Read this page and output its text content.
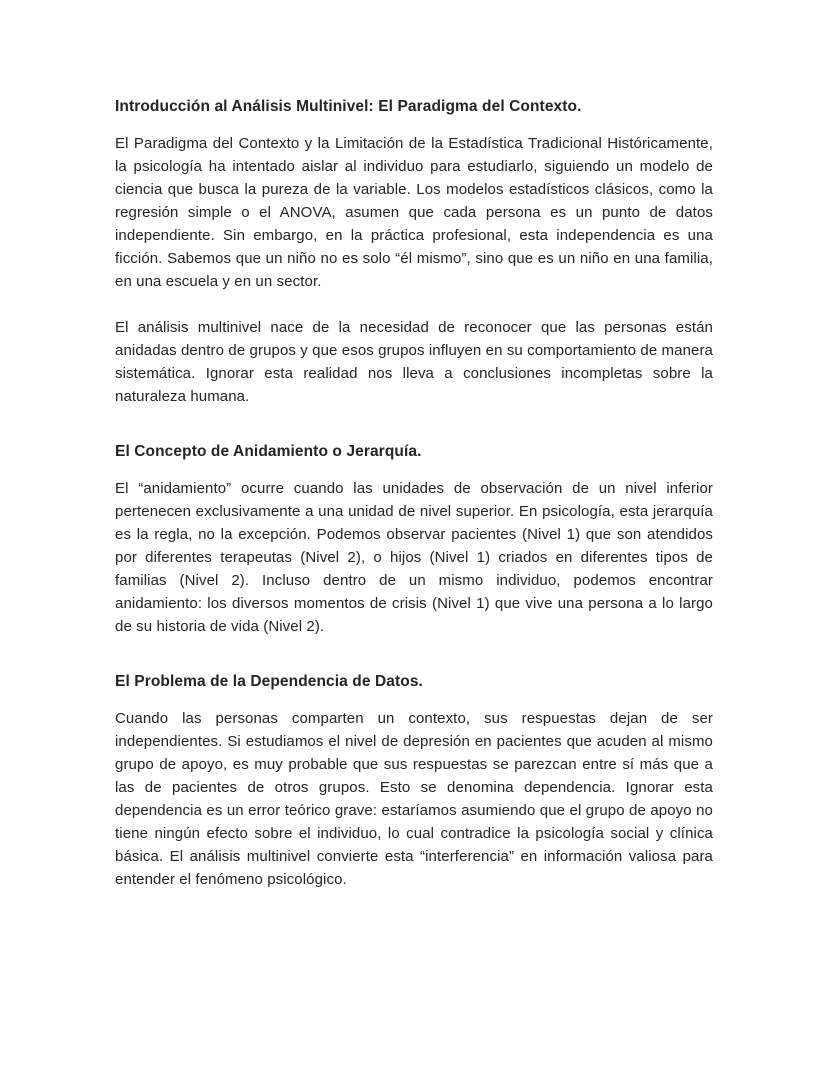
Introducción al Análisis Multinivel: El Paradigma del Contexto.

El Paradigma del Contexto y la Limitación de la Estadística Tradicional Históricamente, la psicología ha intentado aislar al individuo para estudiarlo, siguiendo un modelo de ciencia que busca la pureza de la variable. Los modelos estadísticos clásicos, como la regresión simple o el ANOVA, asumen que cada persona es un punto de datos independiente. Sin embargo, en la práctica profesional, esta independencia es una ficción. Sabemos que un niño no es solo “él mismo”, sino que es un niño en una familia, en una escuela y en un sector.

El análisis multinivel nace de la necesidad de reconocer que las personas están anidadas dentro de grupos y que esos grupos influyen en su comportamiento de manera sistemática. Ignorar esta realidad nos lleva a conclusiones incompletas sobre la naturaleza humana.

El Concepto de Anidamiento o Jerarquía.

El “anidamiento” ocurre cuando las unidades de observación de un nivel inferior pertenecen exclusivamente a una unidad de nivel superior. En psicología, esta jerarquía es la regla, no la excepción. Podemos observar pacientes (Nivel 1) que son atendidos por diferentes terapeutas (Nivel 2), o hijos (Nivel 1) criados en diferentes tipos de familias (Nivel 2). Incluso dentro de un mismo individuo, podemos encontrar anidamiento: los diversos momentos de crisis (Nivel 1) que vive una persona a lo largo de su historia de vida (Nivel 2).

El Problema de la Dependencia de Datos.

Cuando las personas comparten un contexto, sus respuestas dejan de ser independientes. Si estudiamos el nivel de depresión en pacientes que acuden al mismo grupo de apoyo, es muy probable que sus respuestas se parezcan entre sí más que a las de pacientes de otros grupos. Esto se denomina dependencia. Ignorar esta dependencia es un error teórico grave: estaríamos asumiendo que el grupo de apoyo no tiene ningún efecto sobre el individuo, lo cual contradice la psicología social y clínica básica. El análisis multinivel convierte esta “interferencia” en información valiosa para entender el fenómeno psicológico.
